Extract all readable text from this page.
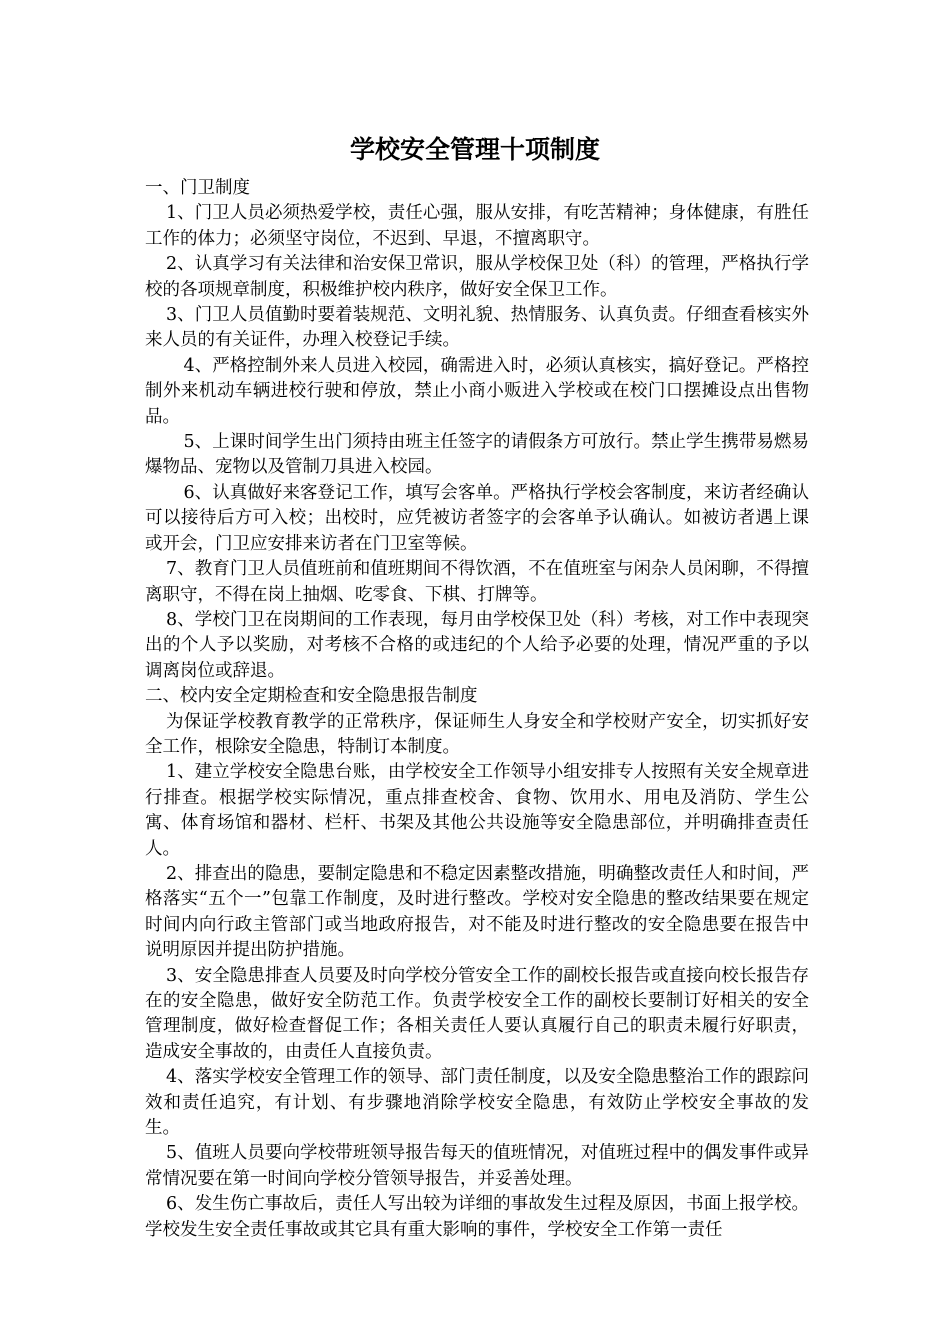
学校安全管理十项制度

一、门卫制度

1、门卫人员必须热爱学校，责任心强，服从安排，有吃苦精神；身体健康，有胜任工作的体力；必须坚守岗位，不迟到、早退，不擅离职守。

2、认真学习有关法律和治安保卫常识，服从学校保卫处（科）的管理，严格执行学校的各项规章制度，积极维护校内秩序，做好安全保卫工作。

3、门卫人员值勤时要着装规范、文明礼貌、热情服务、认真负责。仔细查看核实外来人员的有关证件，办理入校登记手续。

4、严格控制外来人员进入校园，确需进入时，必须认真核实，搞好登记。严格控制外来机动车辆进校行驶和停放，禁止小商小贩进入学校或在校门口摆摊设点出售物品。

5、上课时间学生出门须持由班主任签字的请假条方可放行。禁止学生携带易燃易爆物品、宠物以及管制刀具进入校园。

6、认真做好来客登记工作，填写会客单。严格执行学校会客制度，来访者经确认可以接待后方可入校；出校时，应凭被访者签字的会客单予认确认。如被访者遇上课或开会，门卫应安排来访者在门卫室等候。

7、教育门卫人员值班前和值班期间不得饮酒，不在值班室与闲杂人员闲聊，不得擅离职守，不得在岗上抽烟、吃零食、下棋、打牌等。

8、学校门卫在岗期间的工作表现，每月由学校保卫处（科）考核，对工作中表现突出的个人予以奖励，对考核不合格的或违纪的个人给予必要的处理，情况严重的予以调离岗位或辞退。

二、校内安全定期检查和安全隐患报告制度

为保证学校教育教学的正常秩序，保证师生人身安全和学校财产安全，切实抓好安全工作，根除安全隐患，特制订本制度。

1、建立学校安全隐患台账，由学校安全工作领导小组安排专人按照有关安全规章进行排查。根据学校实际情况，重点排查校舍、食物、饮用水、用电及消防、学生公寓、体育场馆和器材、栏杆、书架及其他公共设施等安全隐患部位，并明确排查责任人。

2、排查出的隐患，要制定隐患和不稳定因素整改措施，明确整改责任人和时间，严格落实“五个一”包靠工作制度，及时进行整改。学校对安全隐患的整改结果要在规定时间内向行政主管部门或当地政府报告，对不能及时进行整改的安全隐患要在报告中说明原因并提出防护措施。

3、安全隐患排查人员要及时向学校分管安全工作的副校长报告或直接向校长报告存在的安全隐患，做好安全防范工作。负责学校安全工作的副校长要制订好相关的安全管理制度，做好检查督促工作；各相关责任人要认真履行自己的职责未履行好职责，造成安全事故的，由责任人直接负责。

4、落实学校安全管理工作的领导、部门责任制度，以及安全隐患整治工作的跟踪问效和责任追究，有计划、有步骤地消除学校安全隐患，有效防止学校安全事故的发生。

5、值班人员要向学校带班领导报告每天的值班情况，对值班过程中的偶发事件或异常情况要在第一时间向学校分管领导报告，并妥善处理。

6、发生伤亡事故后，责任人写出较为详细的事故发生过程及原因，书面上报学校。学校发生安全责任事故或其它具有重大影响的事件，学校安全工作第一责任
